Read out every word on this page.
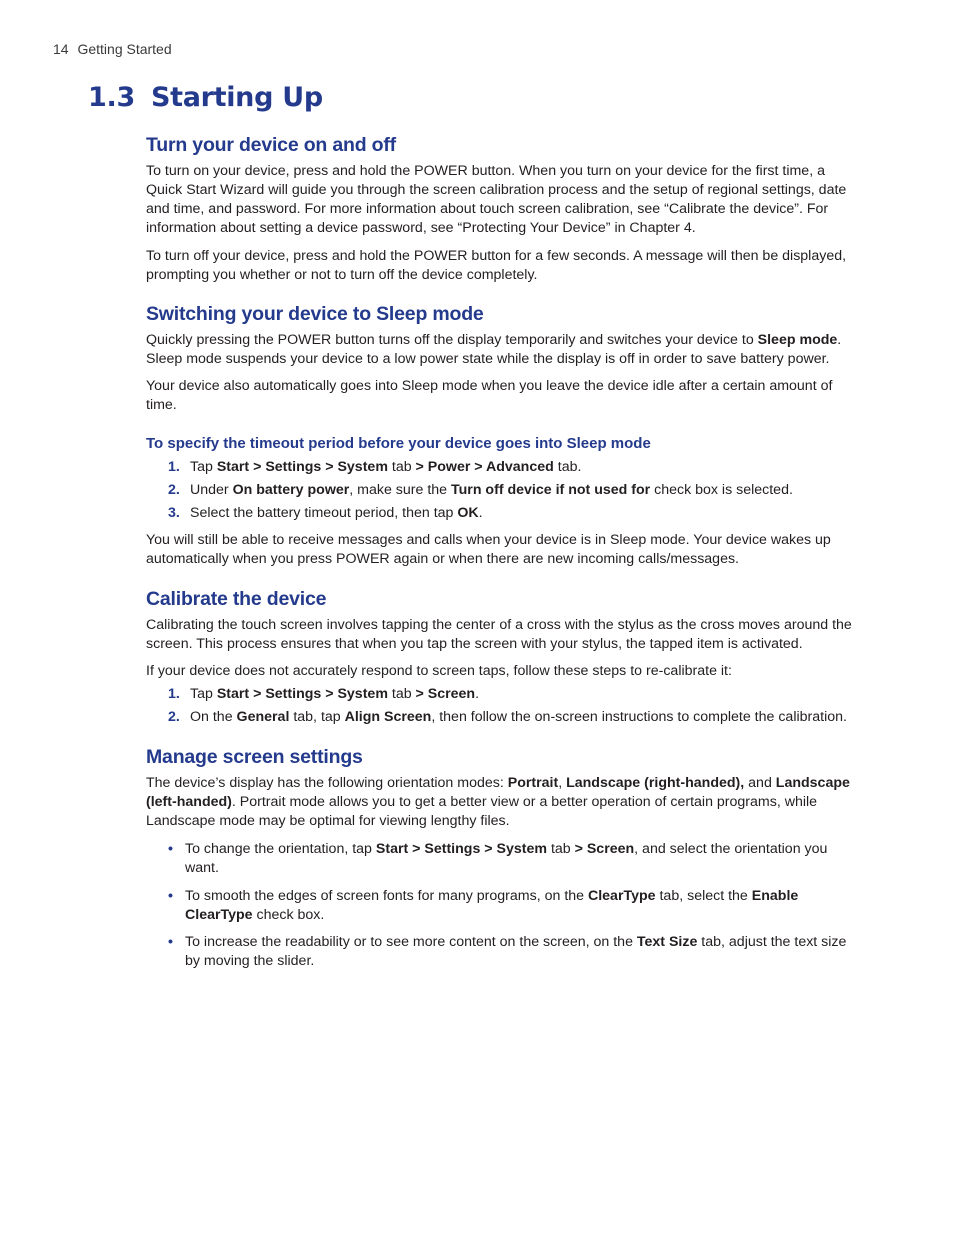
14 Getting Started
1.3 Starting Up
Turn your device on and off

To turn on your device, press and hold the POWER button. When you turn on your device for the first time, a Quick Start Wizard will guide you through the screen calibration process and the setup of regional settings, date and time, and password. For more information about touch screen calibration, see “Calibrate the device”. For information about setting a device password, see “Protecting Your Device” in Chapter 4.

To turn off your device, press and hold the POWER button for a few seconds. A message will then be displayed, prompting you whether or not to turn off the device completely.

Switching your device to Sleep mode

Quickly pressing the POWER button turns off the display temporarily and switches your device to Sleep mode. Sleep mode suspends your device to a low power state while the display is off in order to save battery power.

Your device also automatically goes into Sleep mode when you leave the device idle after a certain amount of time.

To specify the timeout period before your device goes into Sleep mode
1. Tap Start > Settings > System tab > Power > Advanced tab.
2. Under On battery power, make sure the Turn off device if not used for check box is selected.
3. Select the battery timeout period, then tap OK.

You will still be able to receive messages and calls when your device is in Sleep mode. Your device wakes up automatically when you press POWER again or when there are new incoming calls/messages.

Calibrate the device

Calibrating the touch screen involves tapping the center of a cross with the stylus as the cross moves around the screen. This process ensures that when you tap the screen with your stylus, the tapped item is activated.

If your device does not accurately respond to screen taps, follow these steps to re-calibrate it:

1. Tap Start > Settings > System tab > Screen.
2. On the General tab, tap Align Screen, then follow the on-screen instructions to complete the calibration.
Manage screen settings

The device’s display has the following orientation modes: Portrait, Landscape (right-handed), and Landscape (left-handed). Portrait mode allows you to get a better view or a better operation of certain programs, while Landscape mode may be optimal for viewing lengthy files.

• To change the orientation, tap Start > Settings > System tab > Screen, and select the orientation you want.
• To smooth the edges of screen fonts for many programs, on the ClearType tab, select the Enable ClearType check box.
• To increase the readability or to see more content on the screen, on the Text Size tab, adjust the text size by moving the slider.
